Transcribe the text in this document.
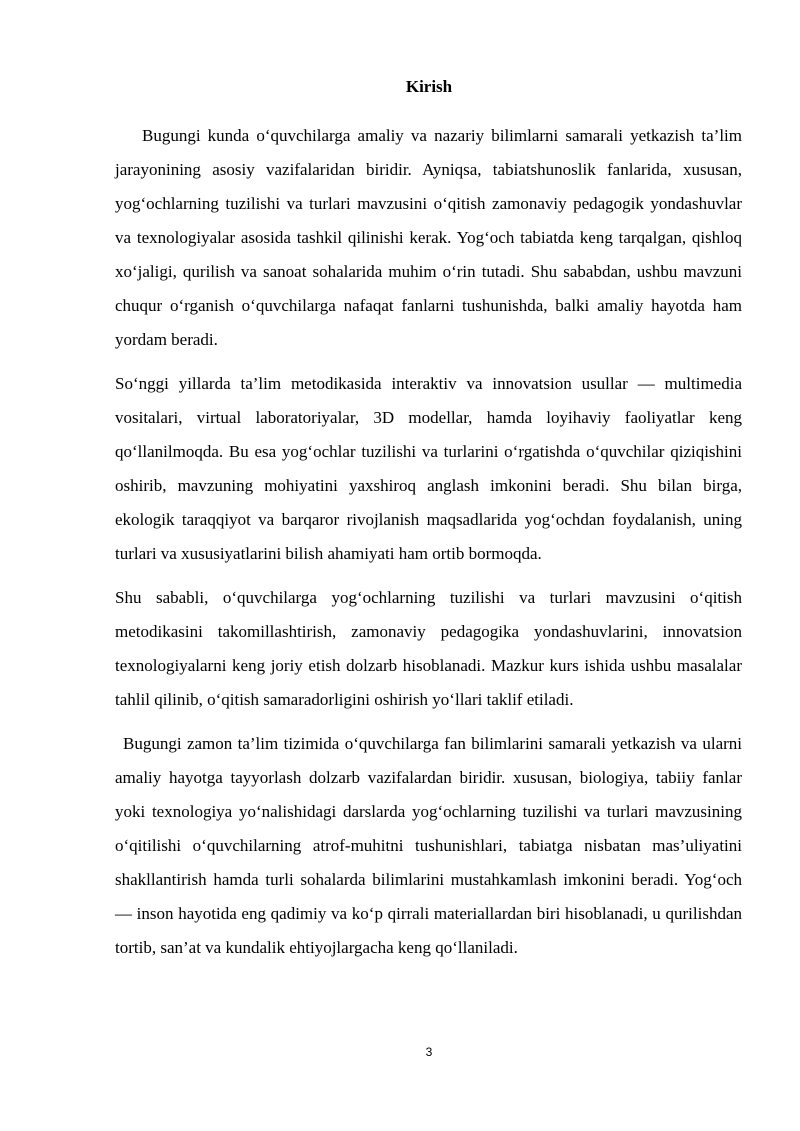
Kirish

Bugungi kunda o‘quvchilarga amaliy va nazariy bilimlarni samarali yetkazish ta’lim jarayonining asosiy vazifalaridan biridir. Ayniqsa, tabiatshunoslik fanlarida, xususan, yog‘ochlarning tuzilishi va turlari mavzusini o‘qitish zamonaviy pedagogik yondashuvlar va texnologiyalar asosida tashkil qilinishi kerak. Yog‘och tabiatda keng tarqalgan, qishloq xo‘jaligi, qurilish va sanoat sohalarida muhim o‘rin tutadi. Shu sababdan, ushbu mavzuni chuqur o‘rganish o‘quvchilarga nafaqat fanlarni tushunishda, balki amaliy hayotda ham yordam beradi.

So‘nggi yillarda ta’lim metodikasida interaktiv va innovatsion usullar — multimedia vositalari, virtual laboratoriyalar, 3D modellar, hamda loyihaviy faoliyatlar keng qo‘llanilmoqda. Bu esa yog‘ochlar tuzilishi va turlarini o‘rgatishda o‘quvchilar qiziqishini oshirib, mavzuning mohiyatini yaxshiroq anglash imkonini beradi. Shu bilan birga, ekologik taraqqiyot va barqaror rivojlanish maqsadlarida yog‘ochdan foydalanish, uning turlari va xususiyatlarini bilish ahamiyati ham ortib bormoqda.

Shu sababli, o‘quvchilarga yog‘ochlarning tuzilishi va turlari mavzusini o‘qitish metodikasini takomillashtirish, zamonaviy pedagogika yondashuvlarini, innovatsion texnologiyalarni keng joriy etish dolzarb hisoblanadi. Mazkur kurs ishida ushbu masalalar tahlil qilinib, o‘qitish samaradorligini oshirish yo‘llari taklif etiladi.

Bugungi zamon ta’lim tizimida o‘quvchilarga fan bilimlarini samarali yetkazish va ularni amaliy hayotga tayyorlash dolzarb vazifalardan biridir. xususan, biologiya, tabiiy fanlar yoki texnologiya yo‘nalishidagi darslarda yog‘ochlarning tuzilishi va turlari mavzusining o‘qitilishi o‘quvchilarning atrof-muhitni tushunishlari, tabiatga nisbatan mas’uliyatini shakllantirish hamda turli sohalarda bilimlarini mustahkamlash imkonini beradi. Yog‘och — inson hayotida eng qadimiy va ko‘p qirrali materiallardan biri hisoblanadi, u qurilishdan tortib, san’at va kundalik ehtiyojlargacha keng qo‘llaniladi.

3
